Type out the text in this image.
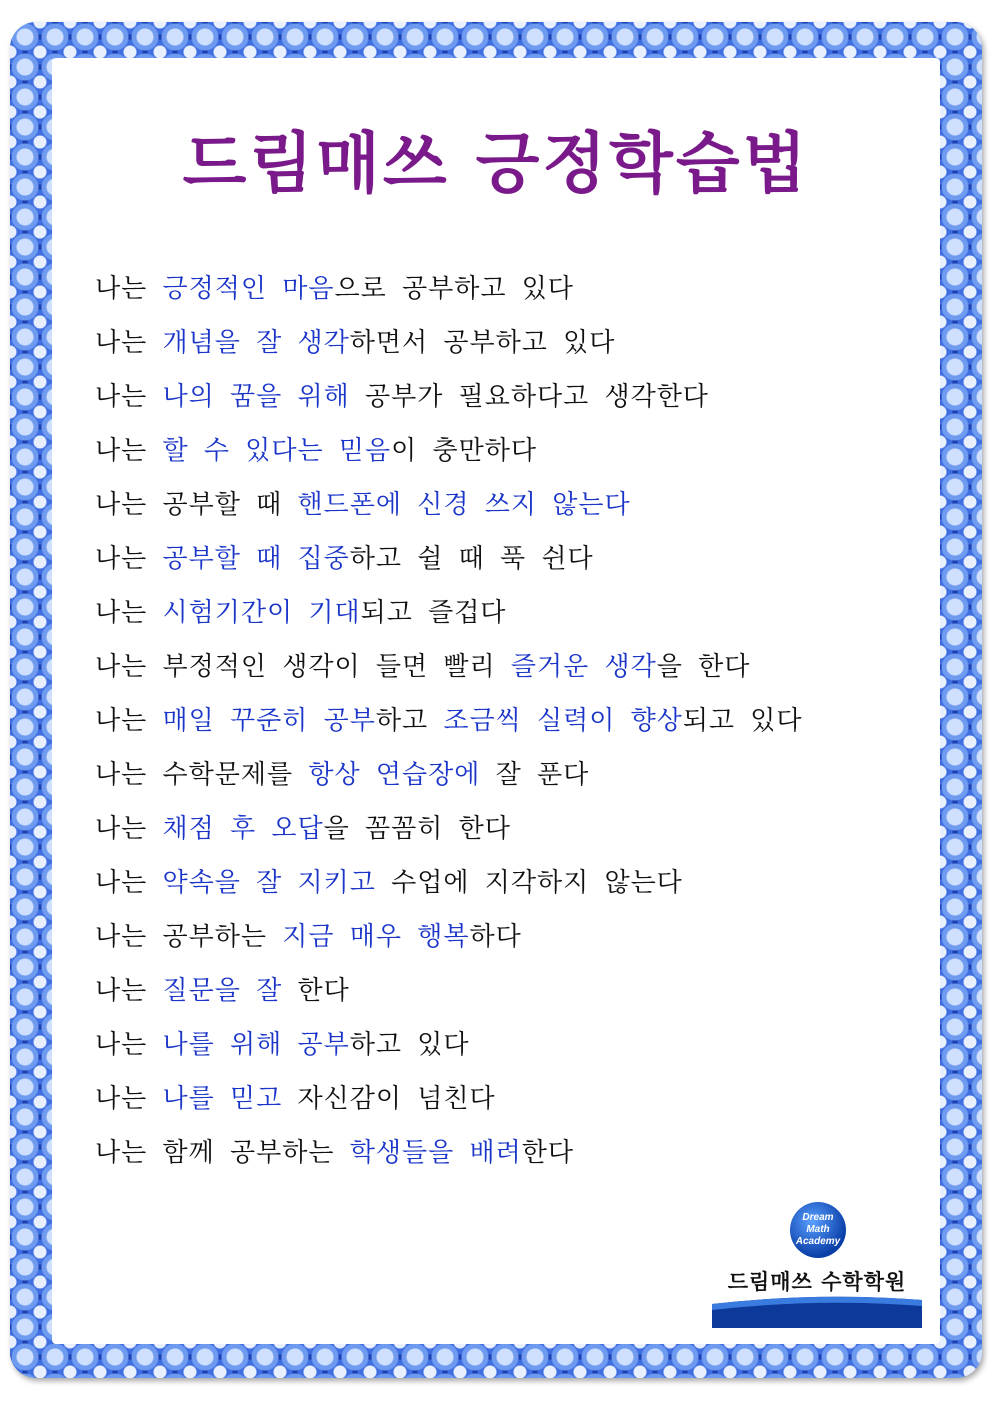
드림매쓰 긍정학습법
나는 긍정적인 마음으로 공부하고 있다
나는 개념을 잘 생각하면서 공부하고 있다
나는 나의 꿈을 위해 공부가 필요하다고 생각한다
나는 할 수 있다는 믿음이 충만하다
나는 공부할 때 핸드폰에 신경 쓰지 않는다
나는 공부할 때 집중하고 쉴 때 푹 쉰다
나는 시험기간이 기대되고 즐겁다
나는 부정적인 생각이 들면 빨리 즐거운 생각을 한다
나는 매일 꾸준히 공부하고 조금씩 실력이 향상되고 있다
나는 수학문제를 항상 연습장에 잘 푼다
나는 채점 후 오답을 꼼꼼히 한다
나는 약속을 잘 지키고 수업에 지각하지 않는다
나는 공부하는 지금 매우 행복하다
나는 질문을 잘 한다
나는 나를 위해 공부하고 있다
나는 나를 믿고 자신감이 넘친다
나는 함께 공부하는 학생들을 배려한다
Dream
Math
Academy
드림매쓰 수학학원
